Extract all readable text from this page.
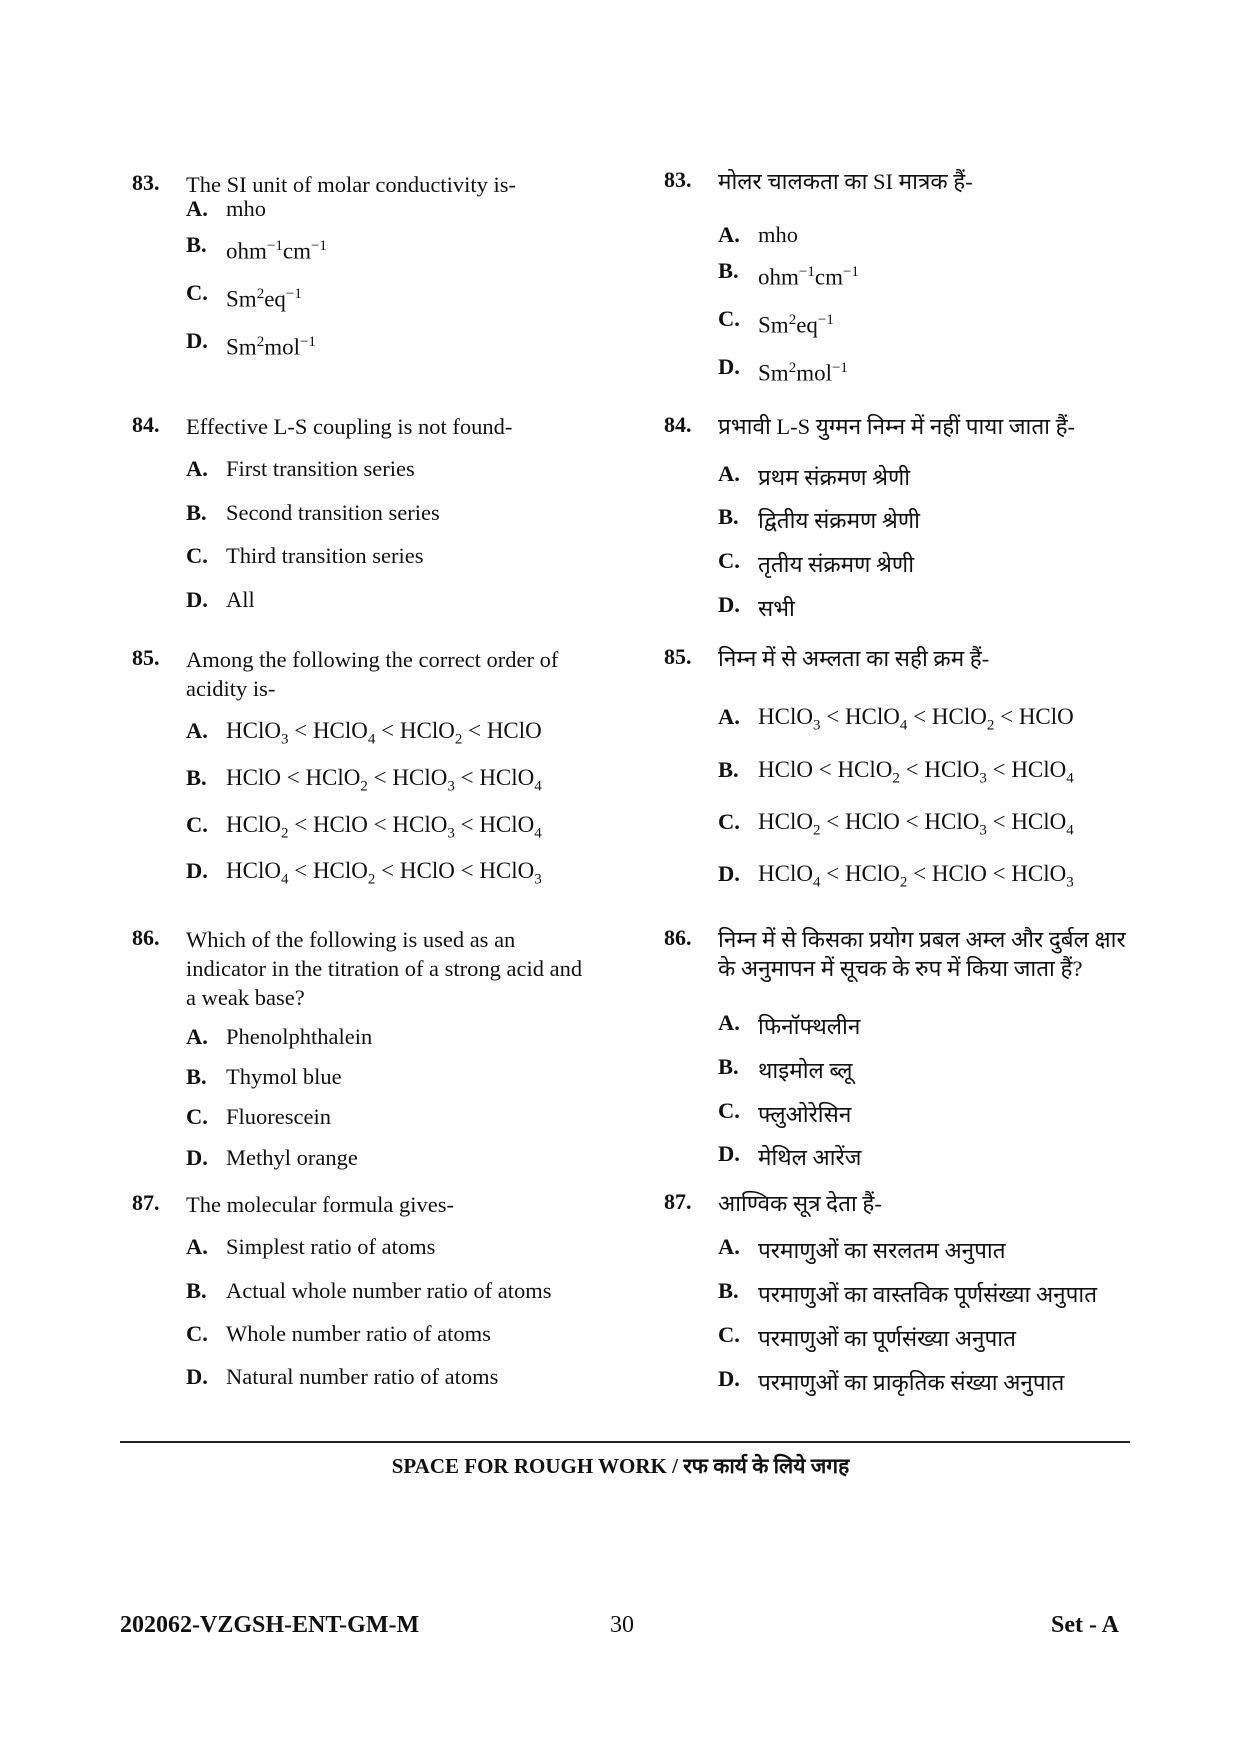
83.	The SI unit of molar conductivity is-
A. mho
B. $ohm^{-1}cm^{-1}$
C. $Sm^2eq^{-1}$
D. Sm$^2$mol$^{-1}$
84.	Effective L-S coupling is not found-
A. First transition series
B. Second transition series
C. Third transition series
D. All
85.	Among the following the correct order of acidity is-
A. HClO$_3$ < HClO$_4$ < HClO$_2$ < HClO
B. HClO < HClO$_2$ < HClO$_3$ < HClO$_4$
C. HClO$_2$ < HClO < HClO$_3$ < HClO$_4$
D. HClO$_4$ < HClO$_2$ < HClO < HClO$_3$
86.	Which of the following is used as an indicator in the titration of a strong acid and a weak base?
A. Phenolphthalein
B. Thymol blue
C. Fluorescein
D. Methyl orange
87.	The molecular formula gives-
A. Simplest ratio of atoms
B. Actual whole number ratio of atoms
C. Whole number ratio of atoms
D. Natural number ratio of atoms
83.	मोलर चालकता का SI मात्रक हैं-
A. mho
B. $ohm^{-1}cm^{-1}$
C. $Sm^2eq^{-1}$
D. Sm$^2$mol$^{-1}$
84.	प्रभावी L-S युग्मन निम्न में नहीं पाया जाता हैं-
A. प्रथम संक्रमण श्रेणी
B. द्वितीय संक्रमण श्रेणी
C. तृतीय संक्रमण श्रेणी
D. सभी
85.	निम्न में से अम्लता का सही क्रम हैं-
A. HClO$_3$ < HClO$_4$ < HClO$_2$ < HClO
B. HClO < HClO$_2$ < HClO$_3$ < HClO$_4$
C. HClO$_2$ < HClO < HClO$_3$ < HClO$_4$
D. HClO$_4$ < HClO$_2$ < HClO < HClO$_3$
86.	निम्न में से किसका प्रयोग प्रबल अम्ल और दुर्बल क्षार के अनुमापन में सूचक के रुप में किया जाता हैं?
A. फिनॉफ्थलीन
B. थाइमोल ब्लू
C. फ्लुओरेसिन
D. मेथिल आरेंज
87.	आण्विक सूत्र देता हैं-
A. परमाणुओं का सरलतम अनुपात
B. परमाणुओं का वास्तविक पूर्णसंख्या अनुपात
C. परमाणुओं का पूर्णसंख्या अनुपात
D. परमाणुओं का प्राकृतिक संख्या अनुपात
SPACE FOR ROUGH WORK / रफ कार्य के लिये जगह
202062-VZGSH-ENT-GM-M	30	Set - A
